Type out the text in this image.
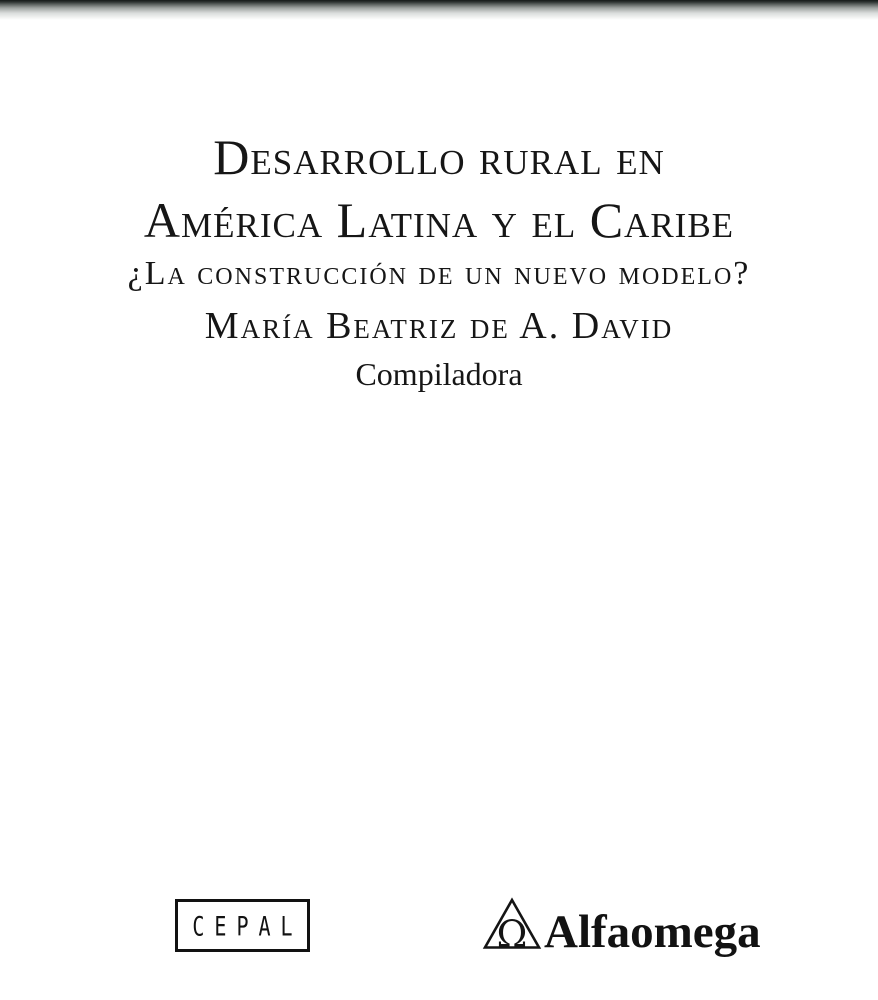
Desarrollo rural en
América Latina y el Caribe
¿La construcción de un nuevo modelo?
María Beatriz de A. David
Compiladora
CEPAL	Ω Alfaomega
